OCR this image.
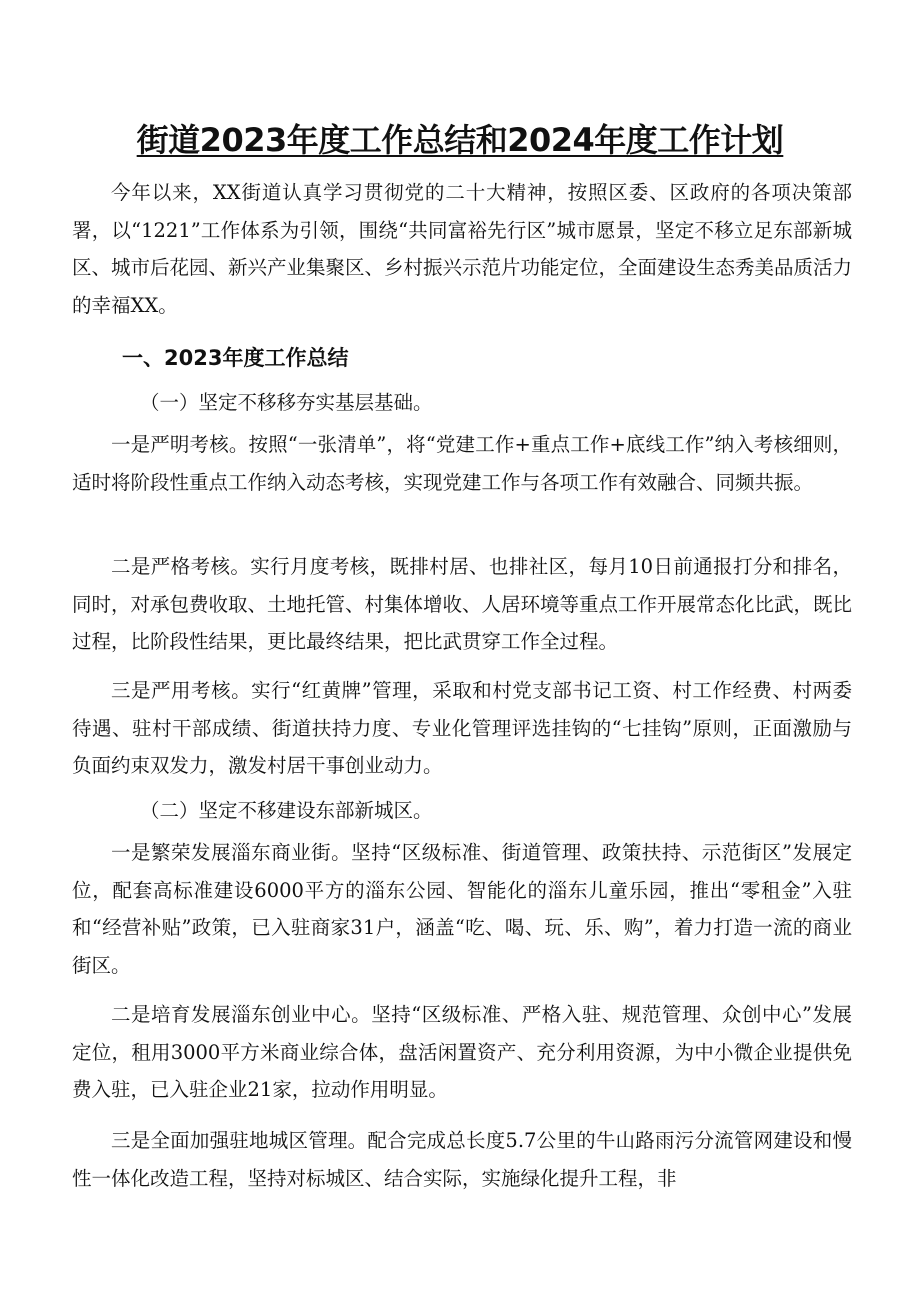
街道2023年度工作总结和2024年度工作计划

今年以来，XX街道认真学习贯彻党的二十大精神，按照区委、区政府的各项决策部署，以“1221”工作体系为引领，围绕“共同富裕先行区”城市愿景，坚定不移立足东部新城区、城市后花园、新兴产业集聚区、乡村振兴示范片功能定位，全面建设生态秀美品质活力的幸福XX。

一、2023年度工作总结

（一）坚定不移移夯实基层基础。

一是严明考核。按照“一张清单”，将“党建工作+重点工作+底线工作”纳入考核细则，适时将阶段性重点工作纳入动态考核，实现党建工作与各项工作有效融合、同频共振。

二是严格考核。实行月度考核，既排村居、也排社区，每月10日前通报打分和排名，同时，对承包费收取、土地托管、村集体增收、人居环境等重点工作开展常态化比武，既比过程，比阶段性结果，更比最终结果，把比武贯穿工作全过程。

三是严用考核。实行“红黄牌”管理，采取和村党支部书记工资、村工作经费、村两委待遇、驻村干部成绩、街道扶持力度、专业化管理评选挂钩的“七挂钩”原则，正面激励与负面约束双发力，激发村居干事创业动力。

（二）坚定不移建设东部新城区。

一是繁荣发展淄东商业街。坚持“区级标准、街道管理、政策扶持、示范街区”发展定位，配套高标准建设6000平方的淄东公园、智能化的淄东儿童乐园，推出“零租金”入驻和“经营补贴”政策，已入驻商家31户，涵盖“吃、喝、玩、乐、购”，着力打造一流的商业街区。

二是培育发展淄东创业中心。坚持“区级标准、严格入驻、规范管理、众创中心”发展定位，租用3000平方米商业综合体，盘活闲置资产、充分利用资源，为中小微企业提供免费入驻，已入驻企业21家，拉动作用明显。

三是全面加强驻地城区管理。配合完成总长度5.7公里的牛山路雨污分流管网建设和慢性一体化改造工程，坚持对标城区、结合实际，实施绿化提升工程，非
